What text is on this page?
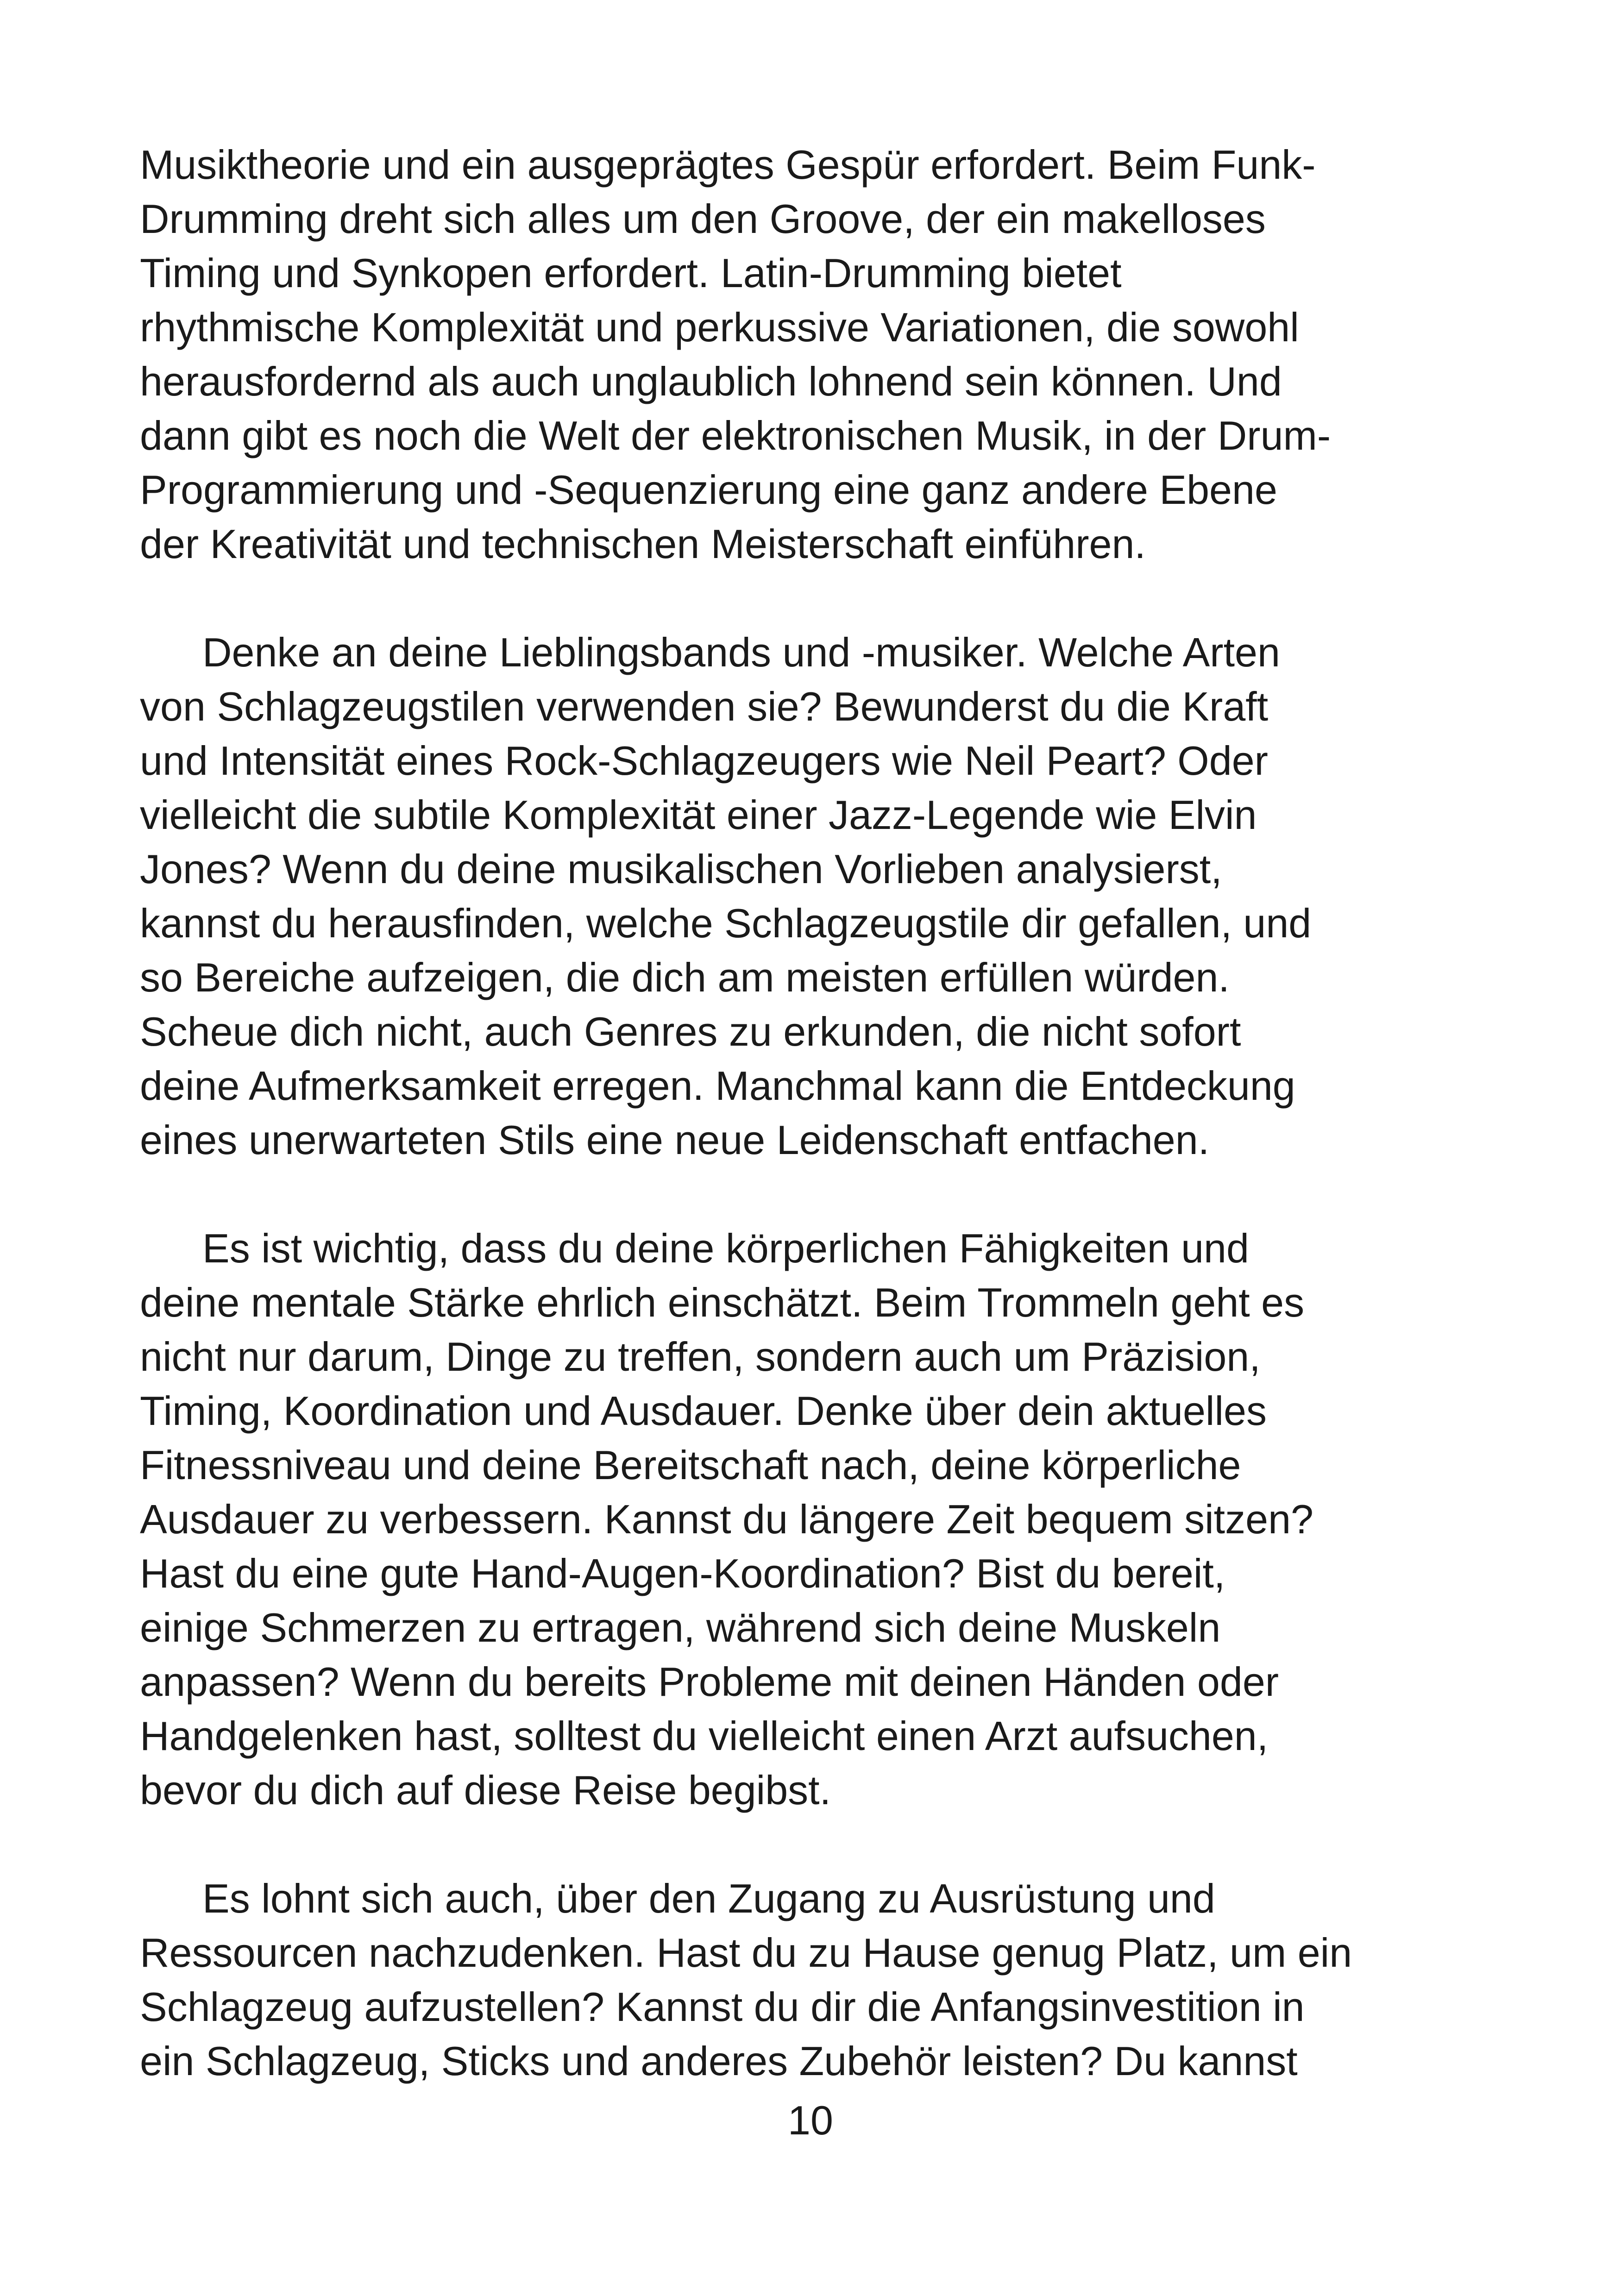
Musiktheorie und ein ausgeprägtes Gespür erfordert. Beim Funk-
Drumming dreht sich alles um den Groove, der ein makelloses
Timing und Synkopen erfordert. Latin-Drumming bietet
rhythmische Komplexität und perkussive Variationen, die sowohl
herausfordernd als auch unglaublich lohnend sein können. Und
dann gibt es noch die Welt der elektronischen Musik, in der Drum-
Programmierung und -Sequenzierung eine ganz andere Ebene
der Kreativität und technischen Meisterschaft einführen.

Denke an deine Lieblingsbands und -musiker. Welche Arten
von Schlagzeugstilen verwenden sie? Bewunderst du die Kraft
und Intensität eines Rock-Schlagzeugers wie Neil Peart? Oder
vielleicht die subtile Komplexität einer Jazz-Legende wie Elvin
Jones? Wenn du deine musikalischen Vorlieben analysierst,
kannst du herausfinden, welche Schlagzeugstile dir gefallen, und
so Bereiche aufzeigen, die dich am meisten erfüllen würden.
Scheue dich nicht, auch Genres zu erkunden, die nicht sofort
deine Aufmerksamkeit erregen. Manchmal kann die Entdeckung
eines unerwarteten Stils eine neue Leidenschaft entfachen.

Es ist wichtig, dass du deine körperlichen Fähigkeiten und
deine mentale Stärke ehrlich einschätzt. Beim Trommeln geht es
nicht nur darum, Dinge zu treffen, sondern auch um Präzision,
Timing, Koordination und Ausdauer. Denke über dein aktuelles
Fitnessniveau und deine Bereitschaft nach, deine körperliche
Ausdauer zu verbessern. Kannst du längere Zeit bequem sitzen?
Hast du eine gute Hand-Augen-Koordination? Bist du bereit,
einige Schmerzen zu ertragen, während sich deine Muskeln
anpassen? Wenn du bereits Probleme mit deinen Händen oder
Handgelenken hast, solltest du vielleicht einen Arzt aufsuchen,
bevor du dich auf diese Reise begibst.

Es lohnt sich auch, über den Zugang zu Ausrüstung und
Ressourcen nachzudenken. Hast du zu Hause genug Platz, um ein
Schlagzeug aufzustellen? Kannst du dir die Anfangsinvestition in
ein Schlagzeug, Sticks und anderes Zubehör leisten? Du kannst

10
